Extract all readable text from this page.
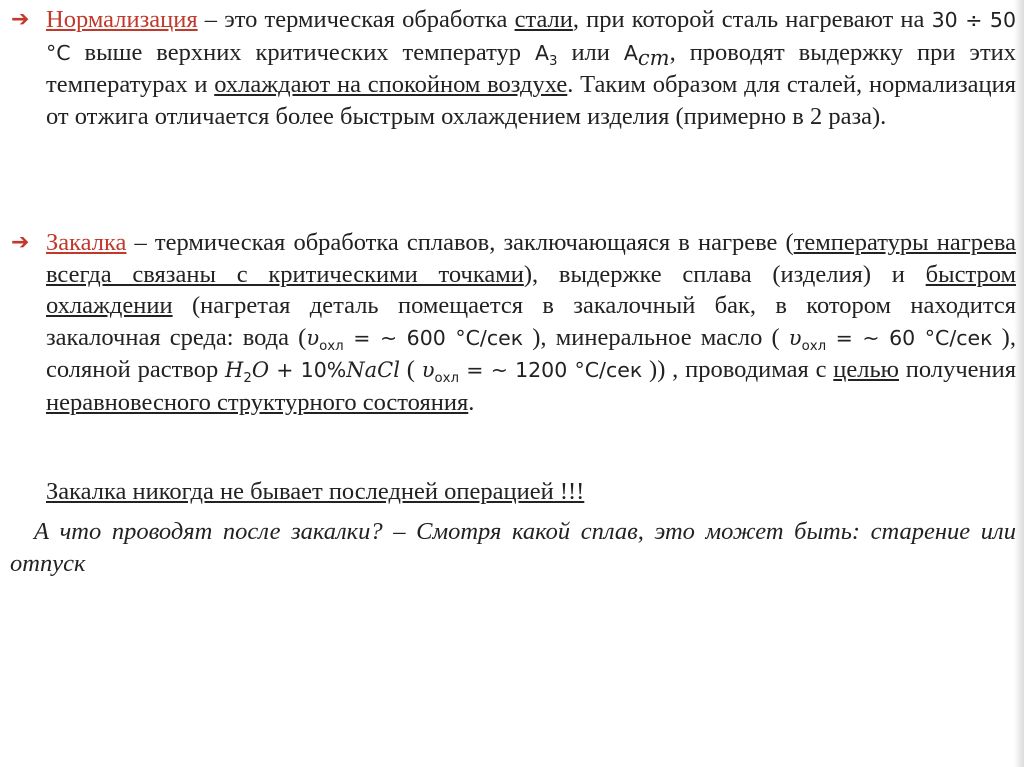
➔ Нормализация – это термическая обработка стали, при которой сталь нагревают на 30 ÷ 50 °C выше верхних критических температур $A_3$ или $A_{cm}$, проводят выдержку при этих температурах и охлаждают на спокойном воздухе. Таким образом для сталей, нормализация от отжига отличается более быстрым охлаждением изделия (примерно в 2 раза).
➔ Закалка – термическая обработка сплавов, заключающаяся в нагреве (температуры нагрева всегда связаны с критическими точками), выдержке сплава (изделия) и быстром охлаждении (нагретая деталь помещается в закалочный бак, в котором находится закалочная среда: вода ($\upsilon_{охл}$ = ~ 600 °C/сек ), минеральное масло ( $\upsilon_{охл}$ = ~ 60 °C/сек ), соляной раствор $H_2O$ + 10%NaCl ( $\upsilon_{охл}$ = ~ 1200 °C/сек )) , проводимая с целью получения неравновесного структурного состояния.
Закалка никогда не бывает последней операцией !!!
А что проводят после закалки? – Смотря какой сплав, это может быть: старение или отпуск
